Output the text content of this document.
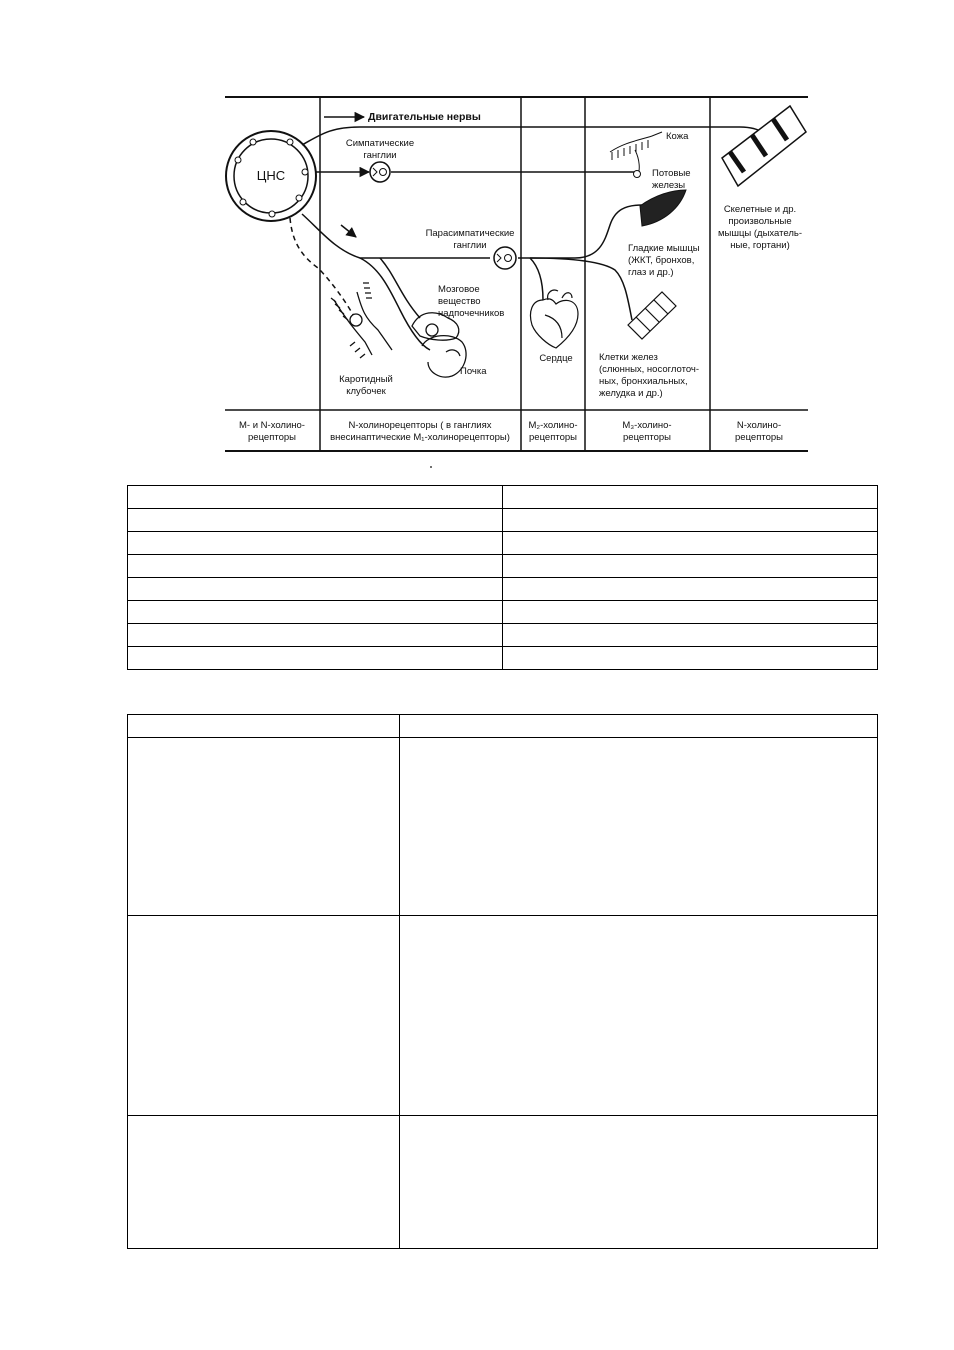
ЦНС
Двигательные нервы
Симпатические
ганглии
Кожа
Потовые
железы
Скелетные и др.
произвольные
мышцы (дыхатель-
ные, гортани)
Парасимпатические
ганглии	Гладкие мышцы
(ЖКТ, бронхов,
глаз и др.)
Мозговое
вещество
надпочечников
Сердце
Почка
Каротидный
клубочек
Клетки желез
(слюнных, носоглоточ-
ных, бронхиальных,
желудка и др.)
М- и N-холино-
рецепторы
N-холинорецепторы ( в ганглиях
внесинаптические M₁-холинорецепторы)
M₂-холино-
рецепторы
M₃-холино-
рецепторы
N-холино-
рецепторы
